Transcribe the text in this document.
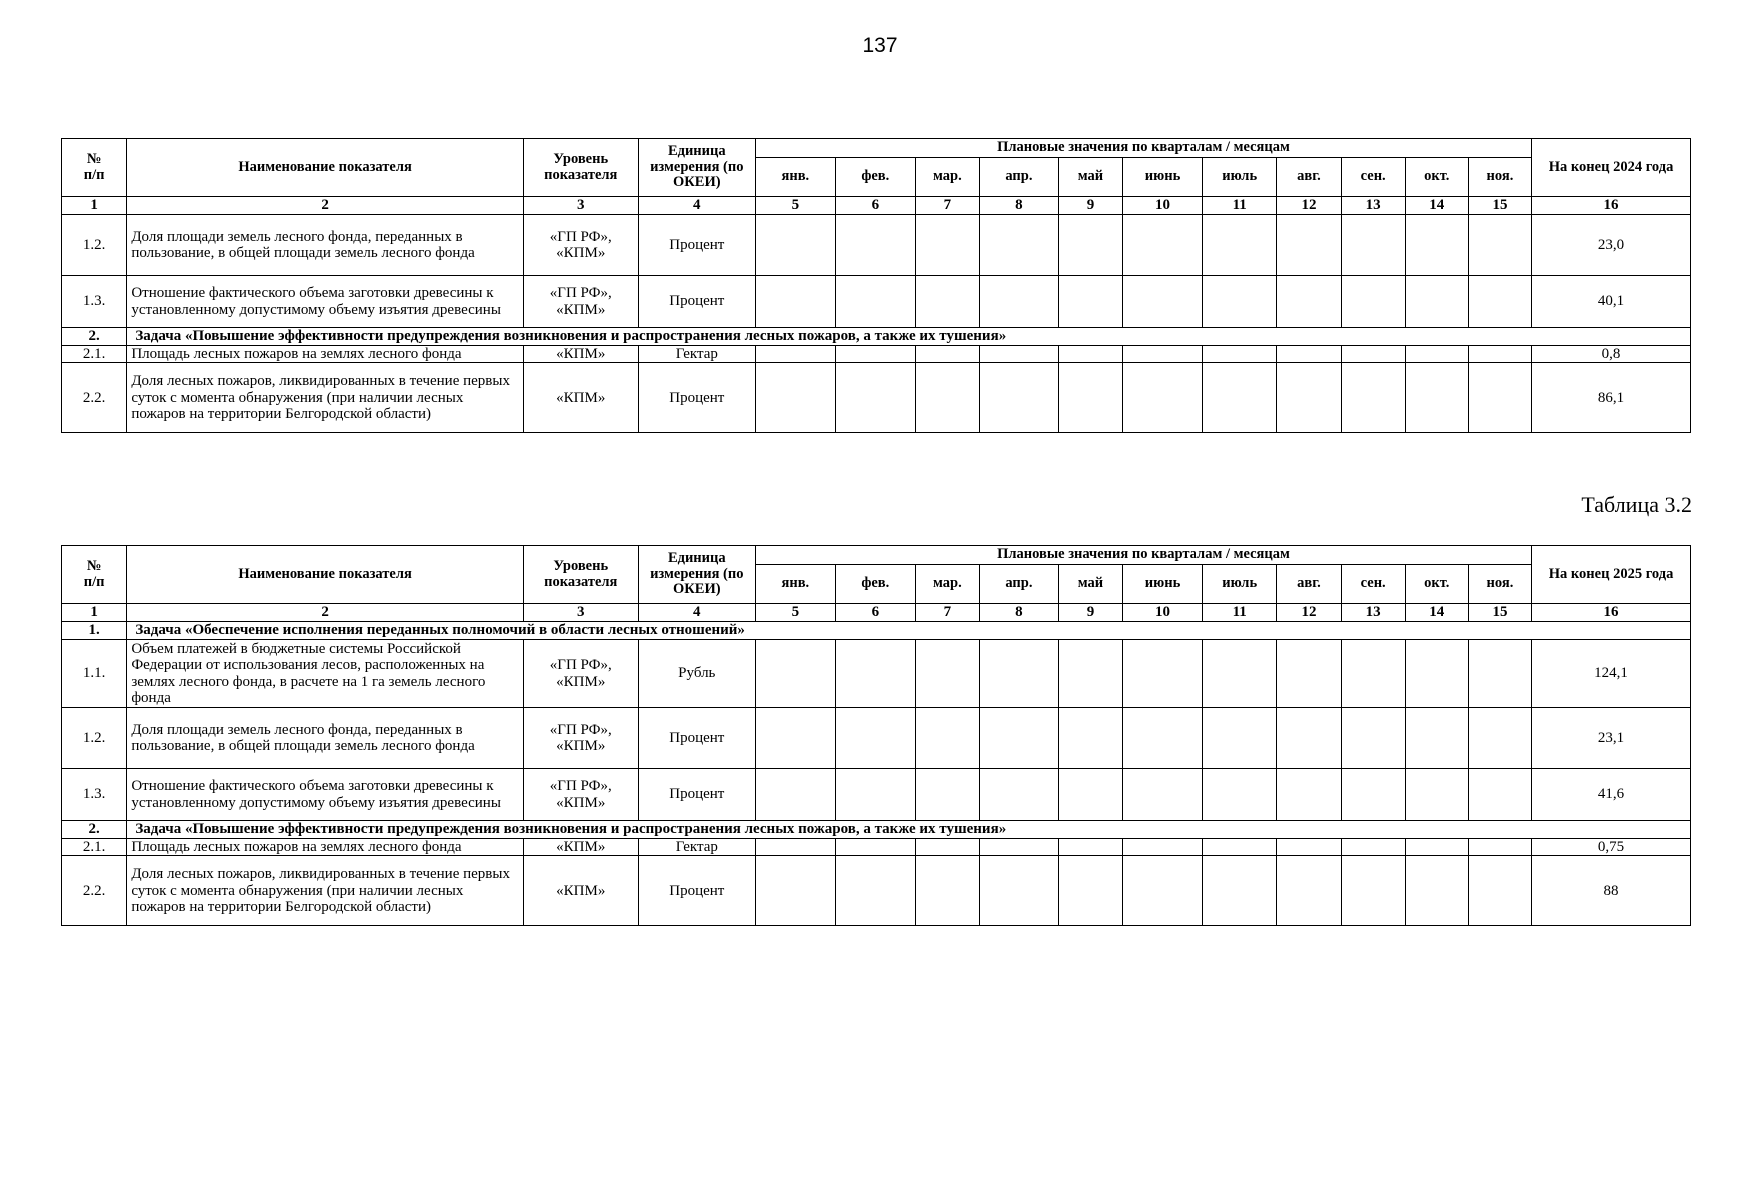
137
№
п/п	Наименование показателя	Уровень показателя	Единица измерения (по ОКЕИ)	Плановые значения по кварталам / месяцам											На конец 2024 года
				янв.	фев.	мар.	апр.	май	июнь	июль	авг.	сен.	окт.	ноя.	
1	2	3	4	5	6	7	8	9	10	11	12	13	14	15	16
1.2.	Доля площади земель лесного фонда, переданных в пользование, в общей площади земель лесного фонда	«ГП РФ», «КПМ»	Процент												23,0
1.3.	Отношение фактического объема заготовки древесины к установленному допустимому объему изъятия древесины	«ГП РФ», «КПМ»	Процент												40,1
2.	Задача «Повышение эффективности предупреждения возникновения и распространения лесных пожаров, а также их тушения»														
2.1.	Площадь лесных пожаров на землях лесного фонда	«КПМ»	Гектар												0,8
2.2.	Доля лесных пожаров, ликвидированных в течение первых суток с момента обнаружения (при наличии лесных пожаров на территории Белгородской области)	«КПМ»	Процент												86,1
Таблица 3.2
№
п/п	Наименование показателя	Уровень показателя	Единица измерения (по ОКЕИ)	Плановые значения по кварталам / месяцам											На конец 2025 года
				янв.	фев.	мар.	апр.	май	июнь	июль	авг.	сен.	окт.	ноя.	
1	2	3	4	5	6	7	8	9	10	11	12	13	14	15	16
1.	Задача «Обеспечение исполнения переданных полномочий в области лесных отношений»														
1.1.	Объем платежей в бюджетные системы Российской Федерации от использования лесов, расположенных на землях лесного фонда, в расчете на 1 га земель лесного фонда	«ГП РФ», «КПМ»	Рубль												124,1
1.2.	Доля площади земель лесного фонда, переданных в пользование, в общей площади земель лесного фонда	«ГП РФ», «КПМ»	Процент												23,1
1.3.	Отношение фактического объема заготовки древесины к установленному допустимому объему изъятия древесины	«ГП РФ», «КПМ»	Процент												41,6
2.	Задача «Повышение эффективности предупреждения возникновения и распространения лесных пожаров, а также их тушения»														
2.1.	Площадь лесных пожаров на землях лесного фонда	«КПМ»	Гектар												0,75
2.2.	Доля лесных пожаров, ликвидированных в течение первых суток с момента обнаружения (при наличии лесных пожаров на территории Белгородской области)	«КПМ»	Процент												88
